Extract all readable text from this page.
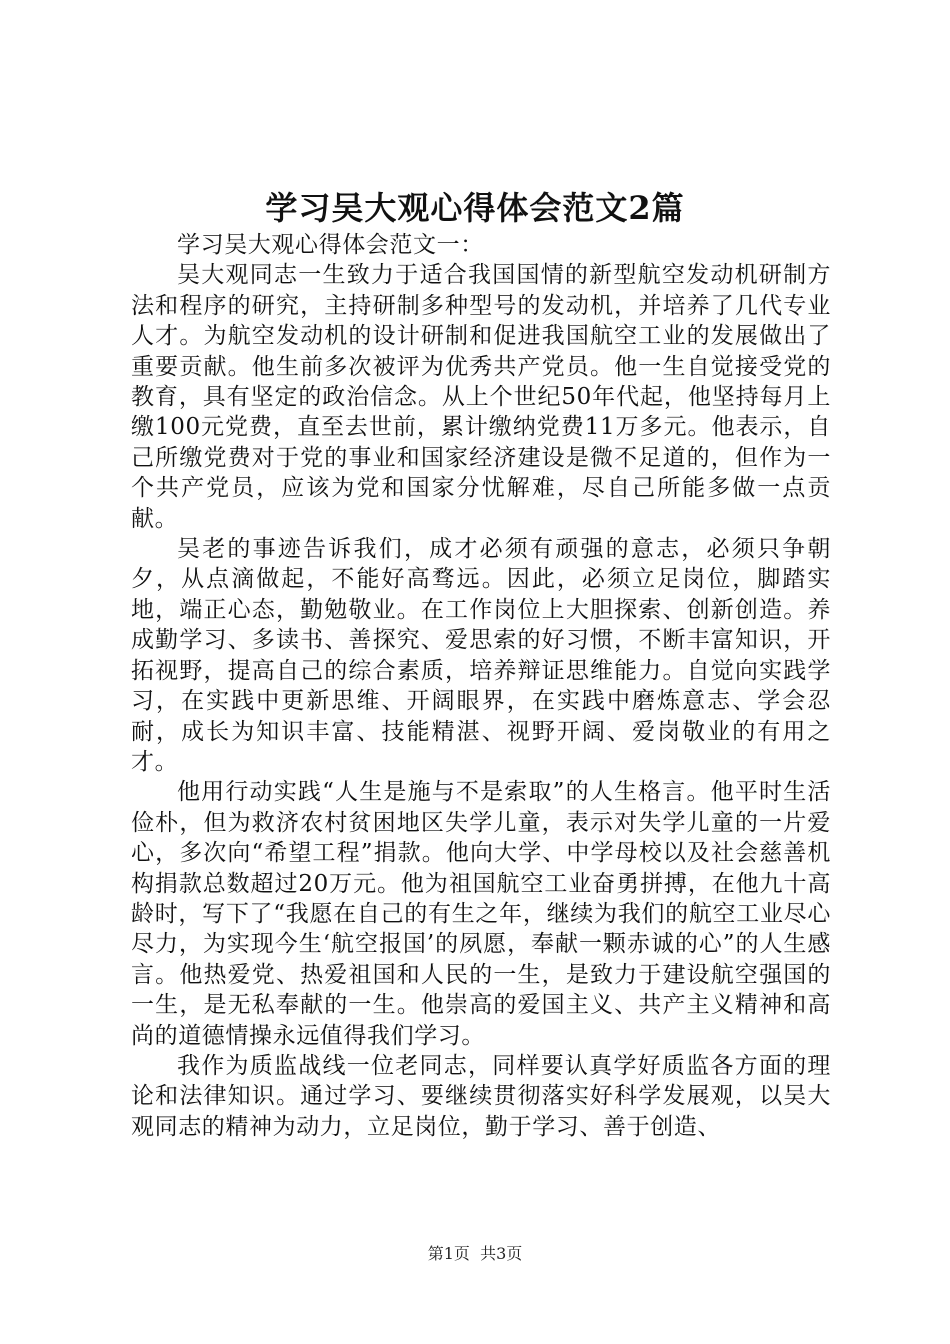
学习吴大观心得体会范文2篇

学习吴大观心得体会范文一：

吴大观同志一生致力于适合我国国情的新型航空发动机研制方法和程序的研究，主持研制多种型号的发动机，并培养了几代专业人才。为航空发动机的设计研制和促进我国航空工业的发展做出了重要贡献。他生前多次被评为优秀共产党员。他一生自觉接受党的教育，具有坚定的政治信念。从上个世纪50年代起，他坚持每月上缴100元党费，直至去世前，累计缴纳党费11万多元。他表示，自己所缴党费对于党的事业和国家经济建设是微不足道的，但作为一个共产党员，应该为党和国家分忧解难，尽自己所能多做一点贡献。

吴老的事迹告诉我们，成才必须有顽强的意志，必须只争朝夕，从点滴做起，不能好高骛远。因此，必须立足岗位，脚踏实地，端正心态，勤勉敬业。在工作岗位上大胆探索、创新创造。养成勤学习、多读书、善探究、爱思索的好习惯，不断丰富知识，开拓视野，提高自己的综合素质，培养辩证思维能力。自觉向实践学习，在实践中更新思维、开阔眼界，在实践中磨炼意志、学会忍耐，成长为知识丰富、技能精湛、视野开阔、爱岗敬业的有用之才。

他用行动实践“人生是施与不是索取”的人生格言。他平时生活俭朴，但为救济农村贫困地区失学儿童，表示对失学儿童的一片爱心，多次向“希望工程”捐款。他向大学、中学母校以及社会慈善机构捐款总数超过20万元。他为祖国航空工业奋勇拼搏，在他九十高龄时，写下了“我愿在自己的有生之年，继续为我们的航空工业尽心尽力，为实现今生‘航空报国’的夙愿，奉献一颗赤诚的心”的人生感言。他热爱党、热爱祖国和人民的一生，是致力于建设航空强国的一生，是无私奉献的一生。他崇高的爱国主义、共产主义精神和高尚的道德情操永远值得我们学习。

我作为质监战线一位老同志，同样要认真学好质监各方面的理论和法律知识。通过学习、要继续贯彻落实好科学发展观，以吴大观同志的精神为动力，立足岗位，勤于学习、善于创造、

第1页 共3页
